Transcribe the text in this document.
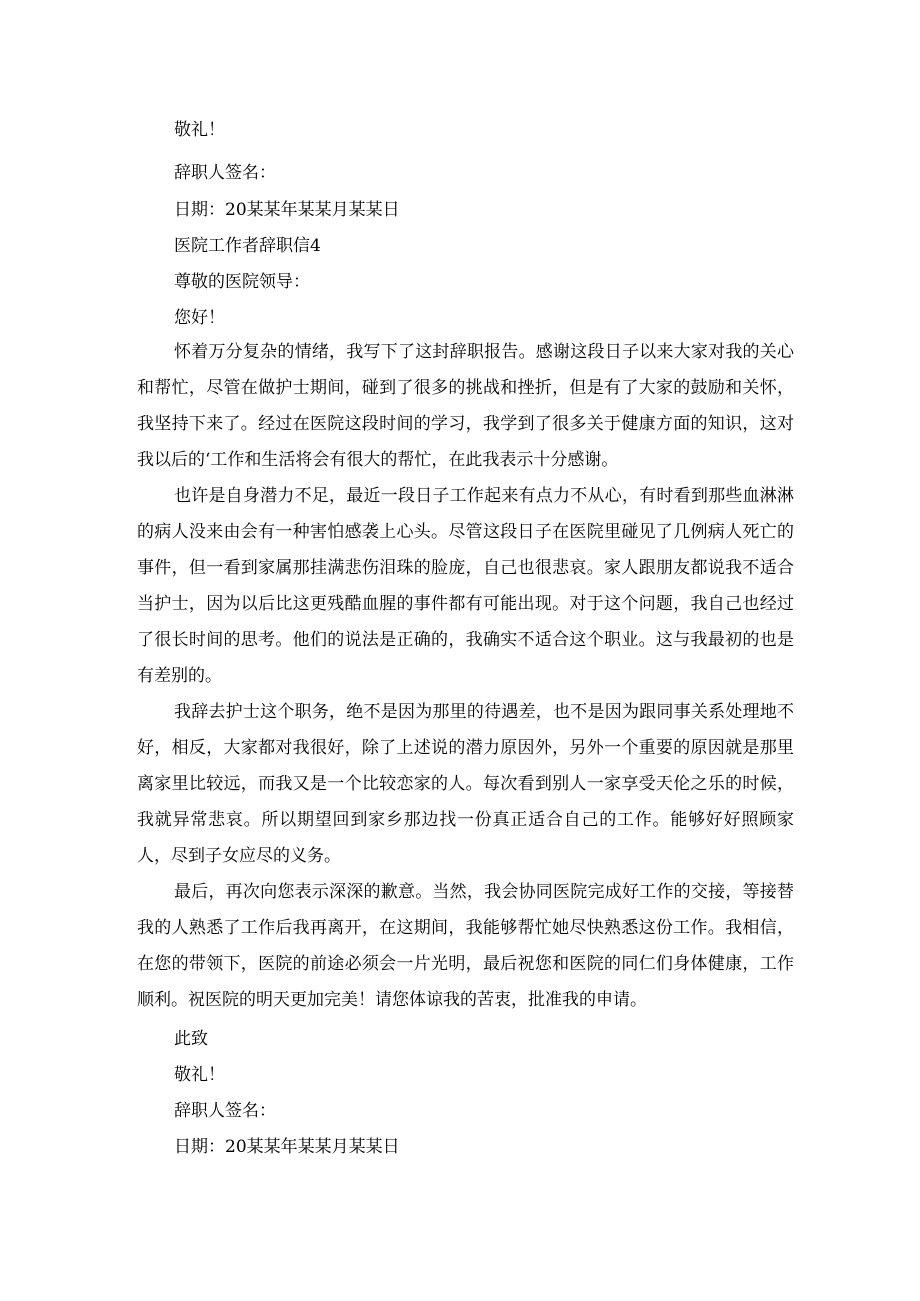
敬礼！
辞职人签名：
日期：20某某年某某月某某日
医院工作者辞职信4
尊敬的医院领导：
您好！

怀着万分复杂的情绪，我写下了这封辞职报告。感谢这段日子以来大家对我的关心和帮忙，尽管在做护士期间，碰到了很多的挑战和挫折，但是有了大家的鼓励和关怀，我坚持下来了。经过在医院这段时间的学习，我学到了很多关于健康方面的知识，这对我以后的‘工作和生活将会有很大的帮忙，在此我表示十分感谢。

也许是自身潜力不足，最近一段日子工作起来有点力不从心，有时看到那些血淋淋的病人没来由会有一种害怕感袭上心头。尽管这段日子在医院里碰见了几例病人死亡的事件，但一看到家属那挂满悲伤泪珠的脸庞，自己也很悲哀。家人跟朋友都说我不适合当护士，因为以后比这更残酷血腥的事件都有可能出现。对于这个问题，我自己也经过了很长时间的思考。他们的说法是正确的，我确实不适合这个职业。这与我最初的也是有差别的。

我辞去护士这个职务，绝不是因为那里的待遇差，也不是因为跟同事关系处理地不好，相反，大家都对我很好，除了上述说的潜力原因外，另外一个重要的原因就是那里离家里比较远，而我又是一个比较恋家的人。每次看到别人一家享受天伦之乐的时候，我就异常悲哀。所以期望回到家乡那边找一份真正适合自己的工作。能够好好照顾家人，尽到子女应尽的义务。

最后，再次向您表示深深的歉意。当然，我会协同医院完成好工作的交接，等接替我的人熟悉了工作后我再离开，在这期间，我能够帮忙她尽快熟悉这份工作。我相信，在您的带领下，医院的前途必须会一片光明，最后祝您和医院的同仁们身体健康，工作顺利。祝医院的明天更加完美！请您体谅我的苦衷，批准我的申请。

此致
敬礼！
辞职人签名：
日期：20某某年某某月某某日
